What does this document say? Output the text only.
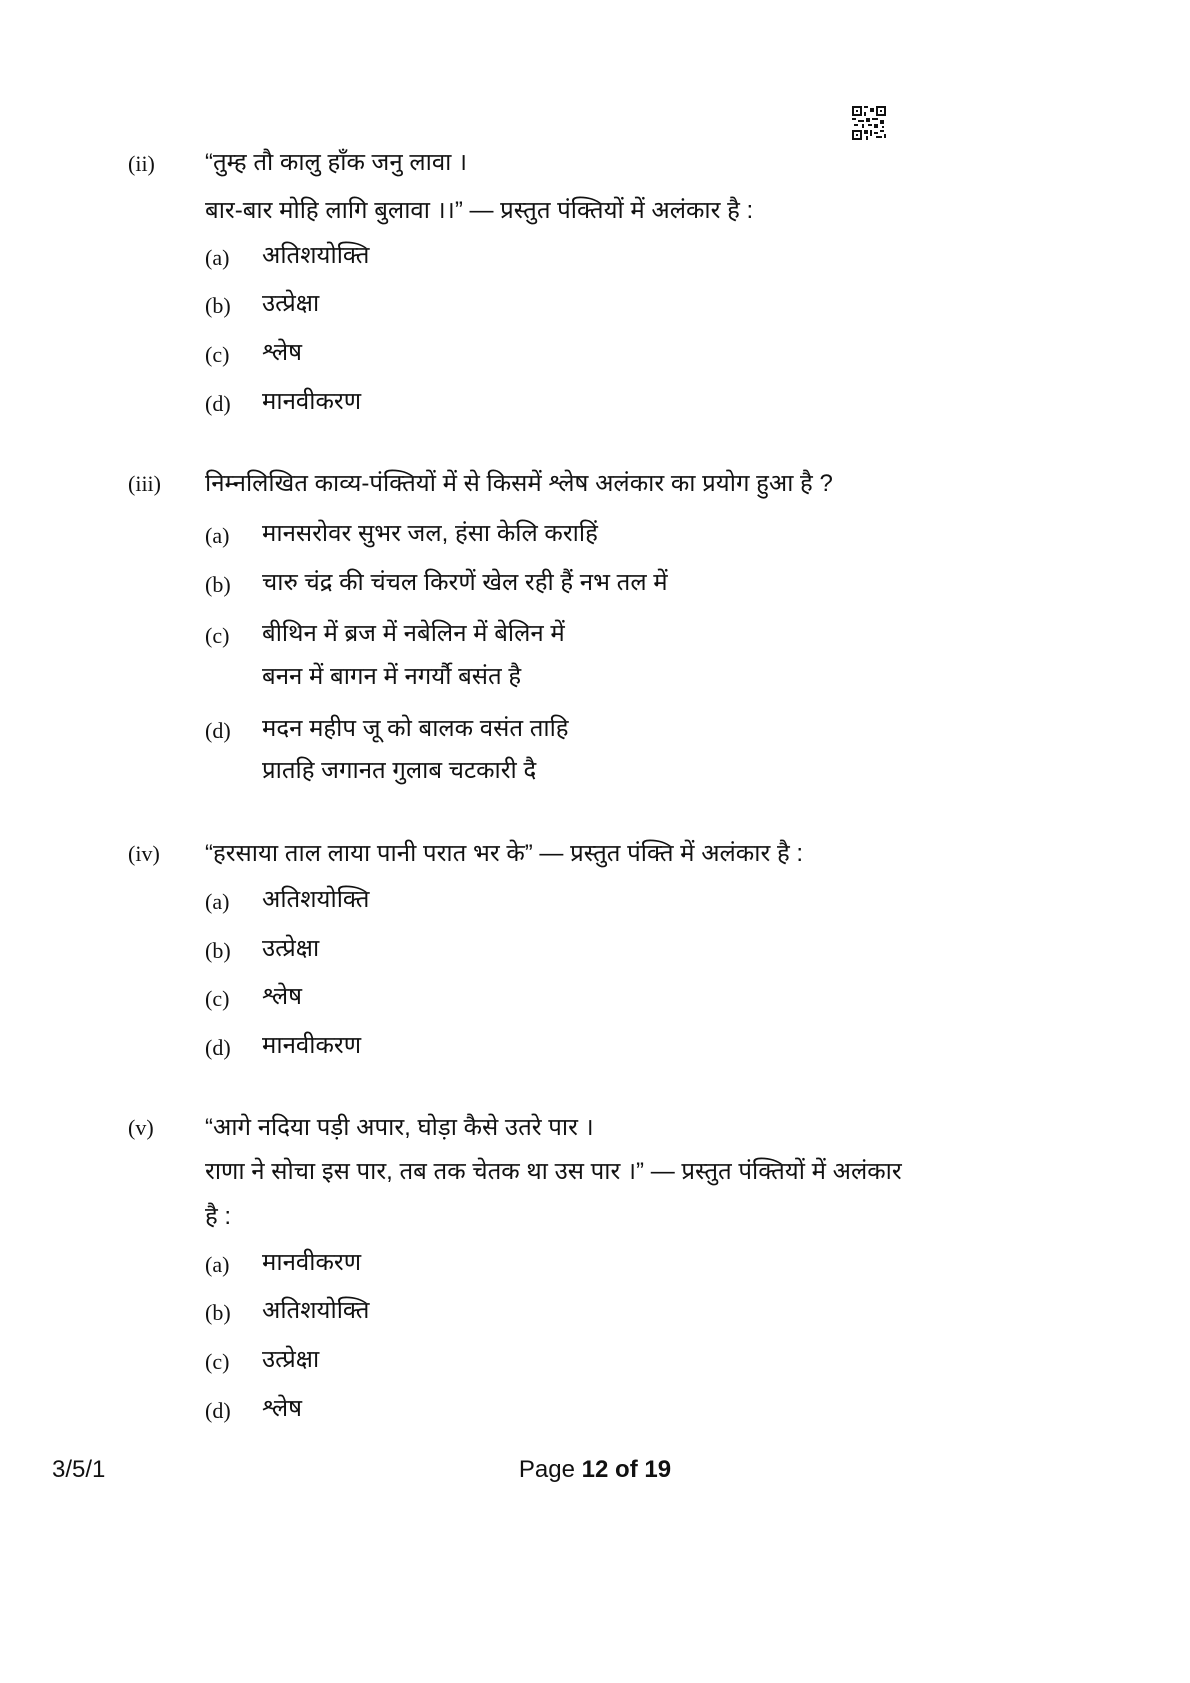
(ii) “तुम्ह तौ कालु हाँक जनु लावा ।
बार-बार मोहि लागि बुलावा ।।” — प्रस्तुत पंक्तियों में अलंकार है :
(a) अतिशयोक्ति
(b) उत्प्रेक्षा
(c) श्लेष
(d) मानवीकरण
(iii) निम्नलिखित काव्य-पंक्तियों में से किसमें श्लेष अलंकार का प्रयोग हुआ है ?
(a) मानसरोवर सुभर जल, हंसा केलि कराहिं
(b) चारु चंद्र की चंचल किरणें खेल रही हैं नभ तल में
(c) बीथिन में ब्रज में नबेलिन में बेलिन में
बनन में बागन में नगर्यौ बसंत है
(d) मदन महीप जू को बालक वसंत ताहि
प्रातहि जगानत गुलाब चटकारी दै
(iv) “हरसाया ताल लाया पानी परात भर के” — प्रस्तुत पंक्ति में अलंकार है :
(a) अतिशयोक्ति
(b) उत्प्रेक्षा
(c) श्लेष
(d) मानवीकरण
(v) “आगे नदिया पड़ी अपार, घोड़ा कैसे उतरे पार ।
राणा ने सोचा इस पार, तब तक चेतक था उस पार ।” — प्रस्तुत पंक्तियों में अलंकार
है :
(a) मानवीकरण
(b) अतिशयोक्ति
(c) उत्प्रेक्षा
(d) श्लेष
3/5/1	Page 12 of 19
